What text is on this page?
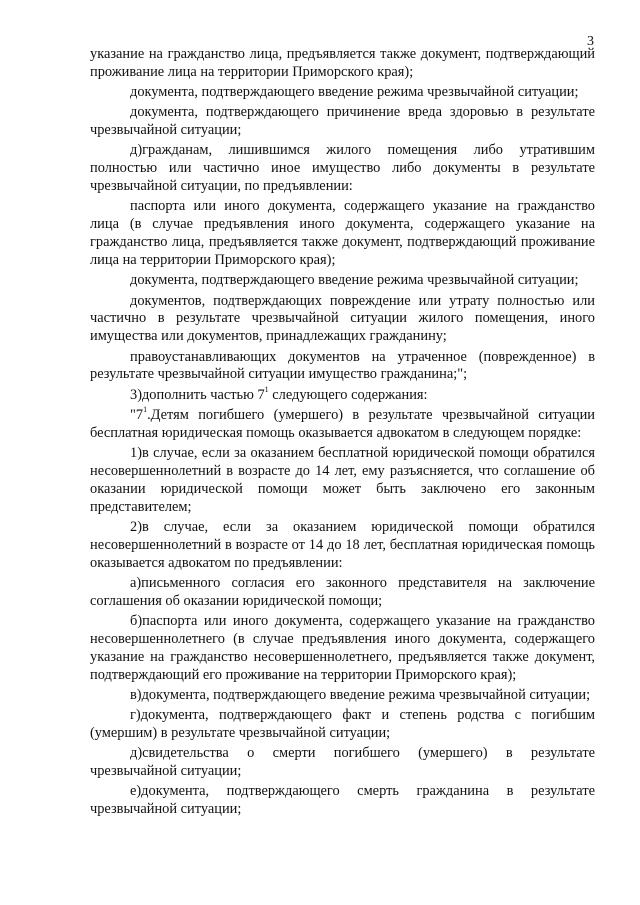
3

указание на гражданство лица, предъявляется также документ, подтверждающий проживание лица на территории Приморского края);

документа, подтверждающего введение режима чрезвычайной ситуации;

документа, подтверждающего причинение вреда здоровью в результате чрезвычайной ситуации;

д)гражданам, лишившимся жилого помещения либо утратившим полностью или частично иное имущество либо документы в результате чрезвычайной ситуации, по предъявлении:

паспорта или иного документа, содержащего указание на гражданство лица (в случае предъявления иного документа, содержащего указание на гражданство лица, предъявляется также документ, подтверждающий проживание лица на территории Приморского края);

документа, подтверждающего введение режима чрезвычайной ситуации;

документов, подтверждающих повреждение или утрату полностью или частично в результате чрезвычайной ситуации жилого помещения, иного имущества или документов, принадлежащих гражданину;

правоустанавливающих документов на утраченное (поврежденное) в результате чрезвычайной ситуации имущество гражданина;";

3)дополнить частью $7^1$ следующего содержания:

"$7^1.Детям$ погибшего (умершего) в результате чрезвычайной ситуации бесплатная юридическая помощь оказывается адвокатом в следующем порядке:

1)в случае, если за оказанием бесплатной юридической помощи обратился несовершеннолетний в возрасте до 14 лет, ему разъясняется, что соглашение об оказании юридической помощи может быть заключено его законным представителем;

2)в случае, если за оказанием юридической помощи обратился несовершеннолетний в возрасте от 14 до 18 лет, бесплатная юридическая помощь оказывается адвокатом по предъявлении:

а)письменного согласия его законного представителя на заключение соглашения об оказании юридической помощи;

б)паспорта или иного документа, содержащего указание на гражданство несовершеннолетнего (в случае предъявления иного документа, содержащего указание на гражданство несовершеннолетнего, предъявляется также документ, подтверждающий его проживание на территории Приморского края);

в)документа, подтверждающего введение режима чрезвычайной ситуации;

г)документа, подтверждающего факт и степень родства с погибшим (умершим) в результате чрезвычайной ситуации;

д)свидетельства о смерти погибшего (умершего) в результате чрезвычайной ситуации;

е)документа, подтверждающего смерть гражданина в результате чрезвычайной ситуации;
